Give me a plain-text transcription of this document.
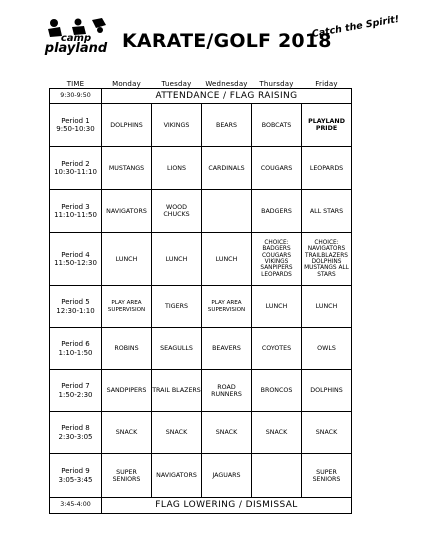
camp
playland KARATE/GOLF 2018
Catch the Spirit!
TIME	Monday	Tuesday	Wednesday	Thursday	Friday
9:30-9:50	ATTENDANCE / FLAG RAISING				

Period 1
9:50-10:30	DOLPHINS	VIKINGS	BEARS	BOBCATS	PLAYLAND PRIDE

Period 2
10:30-11:10	MUSTANGS	LIONS	CARDINALS	COUGARS	LEOPARDS

Period 3
11:10-11:50	NAVIGATORS	WOOD CHUCKS		BADGERS	ALL STARS

Period 4
11:50-12:30	LUNCH	LUNCH	LUNCH	CHOICE: BADGERS COUGARS VIKINGS SANPIPERS LEOPARDS	CHOICE: NAVIGATORS TRAILBLAZERS DOLPHINS MUSTANGS ALL STARS

Period 5
12:30-1:10	PLAY AREA SUPERVISION	TIGERS	PLAY AREA SUPERVISION	LUNCH	LUNCH

Period 6
1:10-1:50	ROBINS	SEAGULLS	BEAVERS	COYOTES	OWLS

Period 7
1:50-2:30	SANDPIPERS	TRAIL BLAZERS	ROAD RUNNERS	BRONCOS	DOLPHINS

Period 8
2:30-3:05	SNACK	SNACK	SNACK	SNACK	SNACK

Period 9
3:05-3:45	SUPER SENIORS	NAVIGATORS	JAGUARS		SUPER SENIORS
3:45-4:00	FLAG LOWERING / DISMISSAL				
